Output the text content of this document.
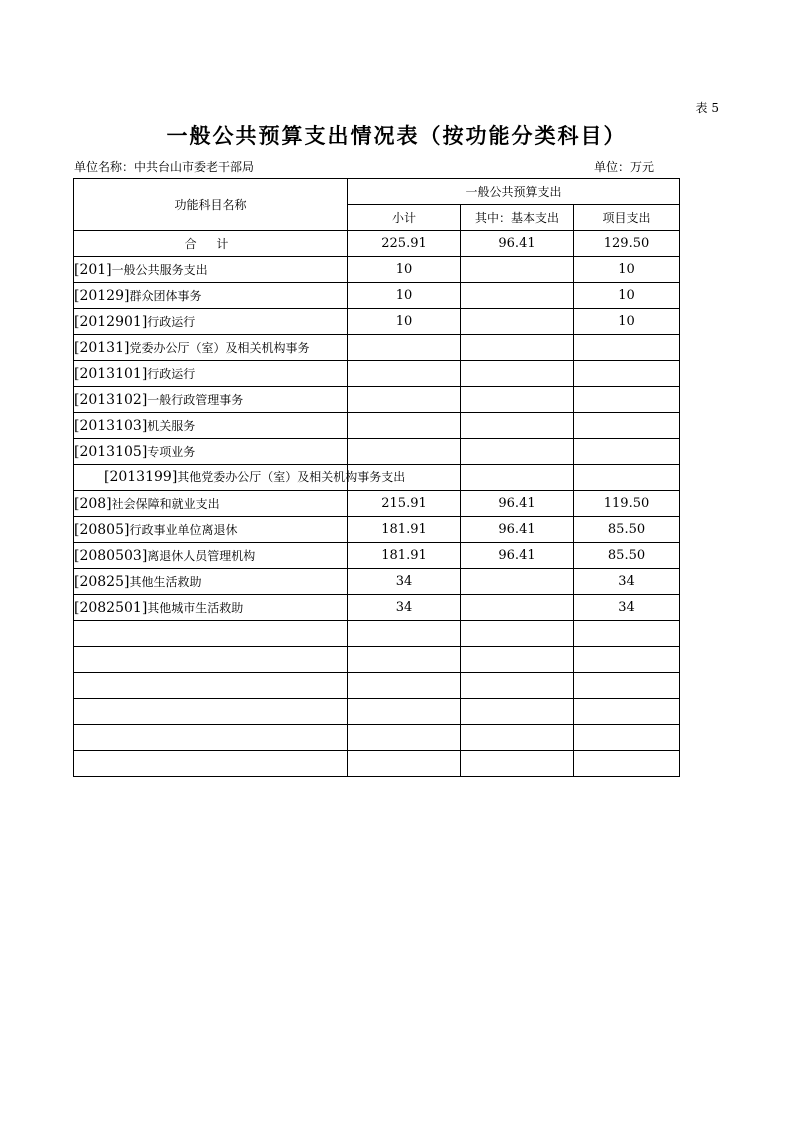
表 5
一般公共预算支出情况表（按功能分类科目）
单位名称：中共台山市委老干部局	单位：万元
功能科目名称	一般公共预算支出		
	小计	其中：基本支出	项目支出
合 计	225.91	96.41	129.50
[201]一般公共服务支出	10		10
[20129]群众团体事务	10		10
[2012901]行政运行	10		10
[20131]党委办公厅（室）及相关机构事务			
[2013101]行政运行			
[2013102]一般行政管理事务			
[2013103]机关服务			
[2013105]专项业务			
[2013199]其他党委办公厅（室）及相关机构事务支出			
[208]社会保障和就业支出	215.91	96.41	119.50
[20805]行政事业单位离退休	181.91	96.41	85.50
[2080503]离退休人员管理机构	181.91	96.41	85.50
[20825]其他生活救助	34		34
[2082501]其他城市生活救助	34		34
